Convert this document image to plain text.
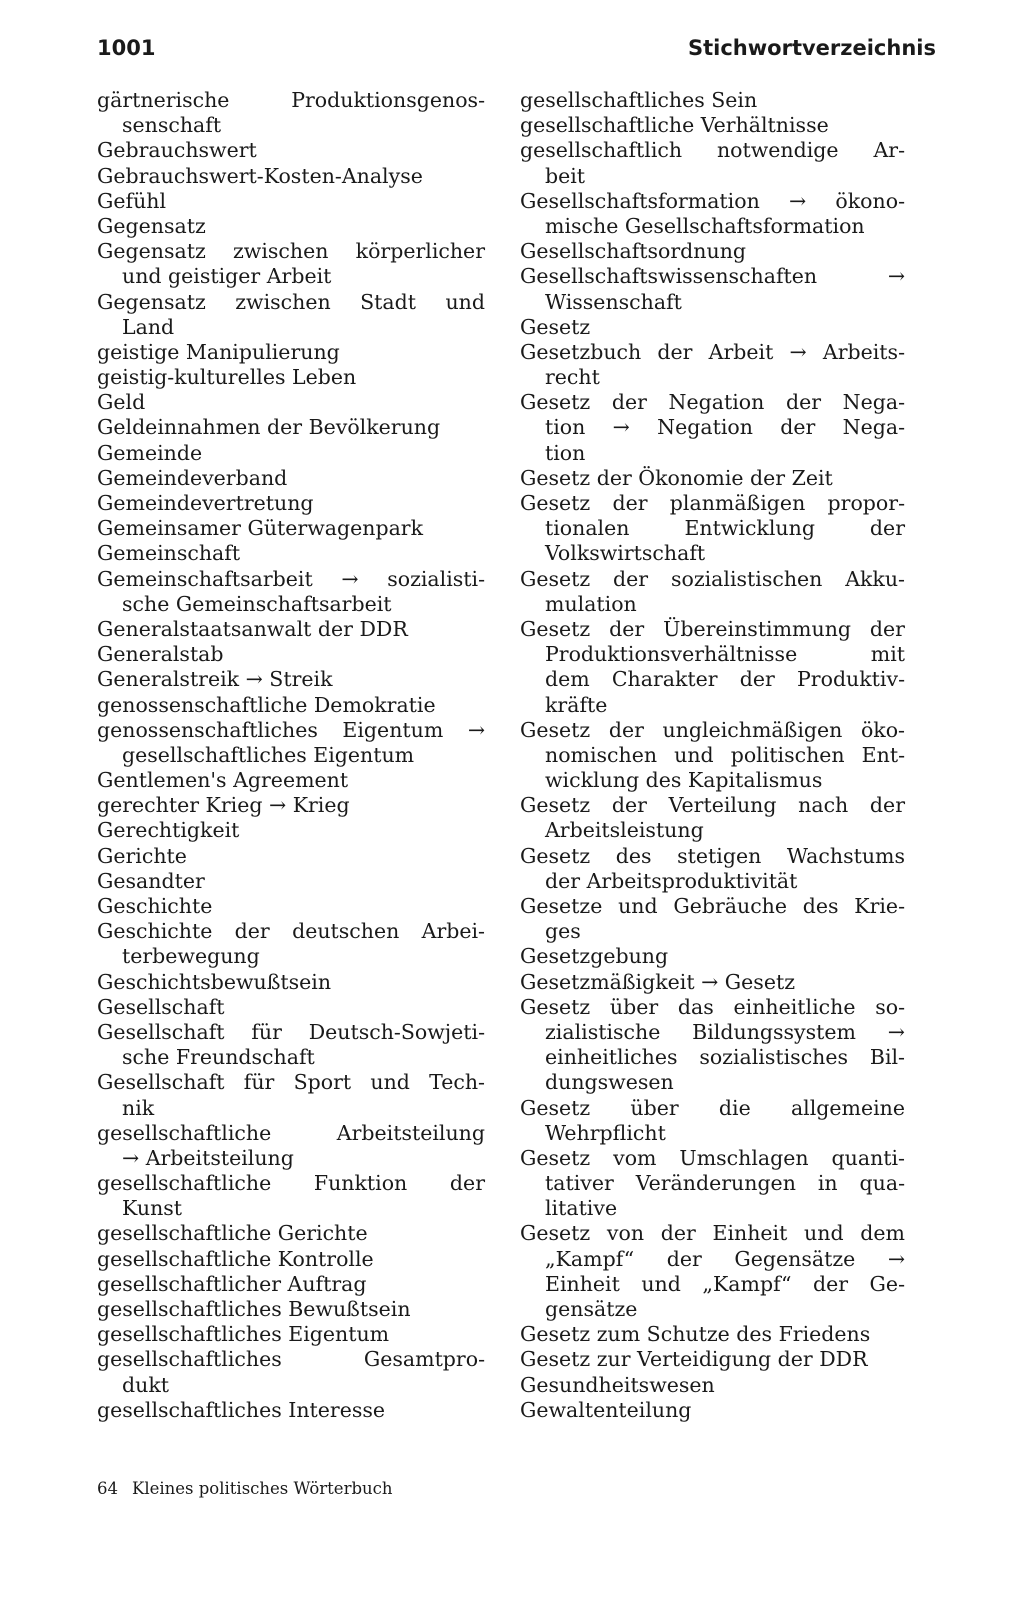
1001	Stichwortverzeichnis
gärtnerische Produktionsgenos-
senschaft
Gebrauchswert
Gebrauchswert-Kosten-Analyse
Gefühl
Gegensatz
Gegensatz zwischen körperlicher
und geistiger Arbeit
Gegensatz zwischen Stadt und
Land
geistige Manipulierung
geistig-kulturelles Leben
Geld
Geldeinnahmen der Bevölkerung
Gemeinde
Gemeindeverband
Gemeindevertretung
Gemeinsamer Güterwagenpark
Gemeinschaft
Gemeinschaftsarbeit → sozialisti-
sche Gemeinschaftsarbeit
Generalstaatsanwalt der DDR
Generalstab
Generalstreik → Streik
genossenschaftliche Demokratie
genossenschaftliches Eigentum →
gesellschaftliches Eigentum
Gentlemen's Agreement
gerechter Krieg → Krieg
Gerechtigkeit
Gerichte
Gesandter
Geschichte
Geschichte der deutschen Arbei-
terbewegung
Geschichtsbewußtsein
Gesellschaft
Gesellschaft für Deutsch-Sowjeti-
sche Freundschaft
Gesellschaft für Sport und Tech-
nik
gesellschaftliche Arbeitsteilung
→ Arbeitsteilung
gesellschaftliche Funktion der
Kunst
gesellschaftliche Gerichte
gesellschaftliche Kontrolle
gesellschaftlicher Auftrag
gesellschaftliches Bewußtsein
gesellschaftliches Eigentum
gesellschaftliches Gesamtpro-
dukt
gesellschaftliches Interesse
gesellschaftliches Sein
gesellschaftliche Verhältnisse
gesellschaftlich notwendige Ar-
beit
Gesellschaftsformation → ökono-
mische Gesellschaftsformation
Gesellschaftsordnung
Gesellschaftswissenschaften →
Wissenschaft
Gesetz
Gesetzbuch der Arbeit → Arbeits-
recht
Gesetz der Negation der Nega-
tion → Negation der Nega-
tion
Gesetz der Ökonomie der Zeit
Gesetz der planmäßigen propor-
tionalen Entwicklung der
Volkswirtschaft
Gesetz der sozialistischen Akku-
mulation
Gesetz der Übereinstimmung der
Produktionsverhältnisse mit
dem Charakter der Produktiv-
kräfte
Gesetz der ungleichmäßigen öko-
nomischen und politischen Ent-
wicklung des Kapitalismus
Gesetz der Verteilung nach der
Arbeitsleistung
Gesetz des stetigen Wachstums
der Arbeitsproduktivität
Gesetze und Gebräuche des Krie-
ges
Gesetzgebung
Gesetzmäßigkeit → Gesetz
Gesetz über das einheitliche so-
zialistische Bildungssystem →
einheitliches sozialistisches Bil-
dungswesen
Gesetz über die allgemeine
Wehrpflicht
Gesetz vom Umschlagen quanti-
tativer Veränderungen in qua-
litative
Gesetz von der Einheit und dem
„Kampf“ der Gegensätze →
Einheit und „Kampf“ der Ge-
gensätze
Gesetz zum Schutze des Friedens
Gesetz zur Verteidigung der DDR
Gesundheitswesen
Gewaltenteilung
64 Kleines politisches Wörterbuch
